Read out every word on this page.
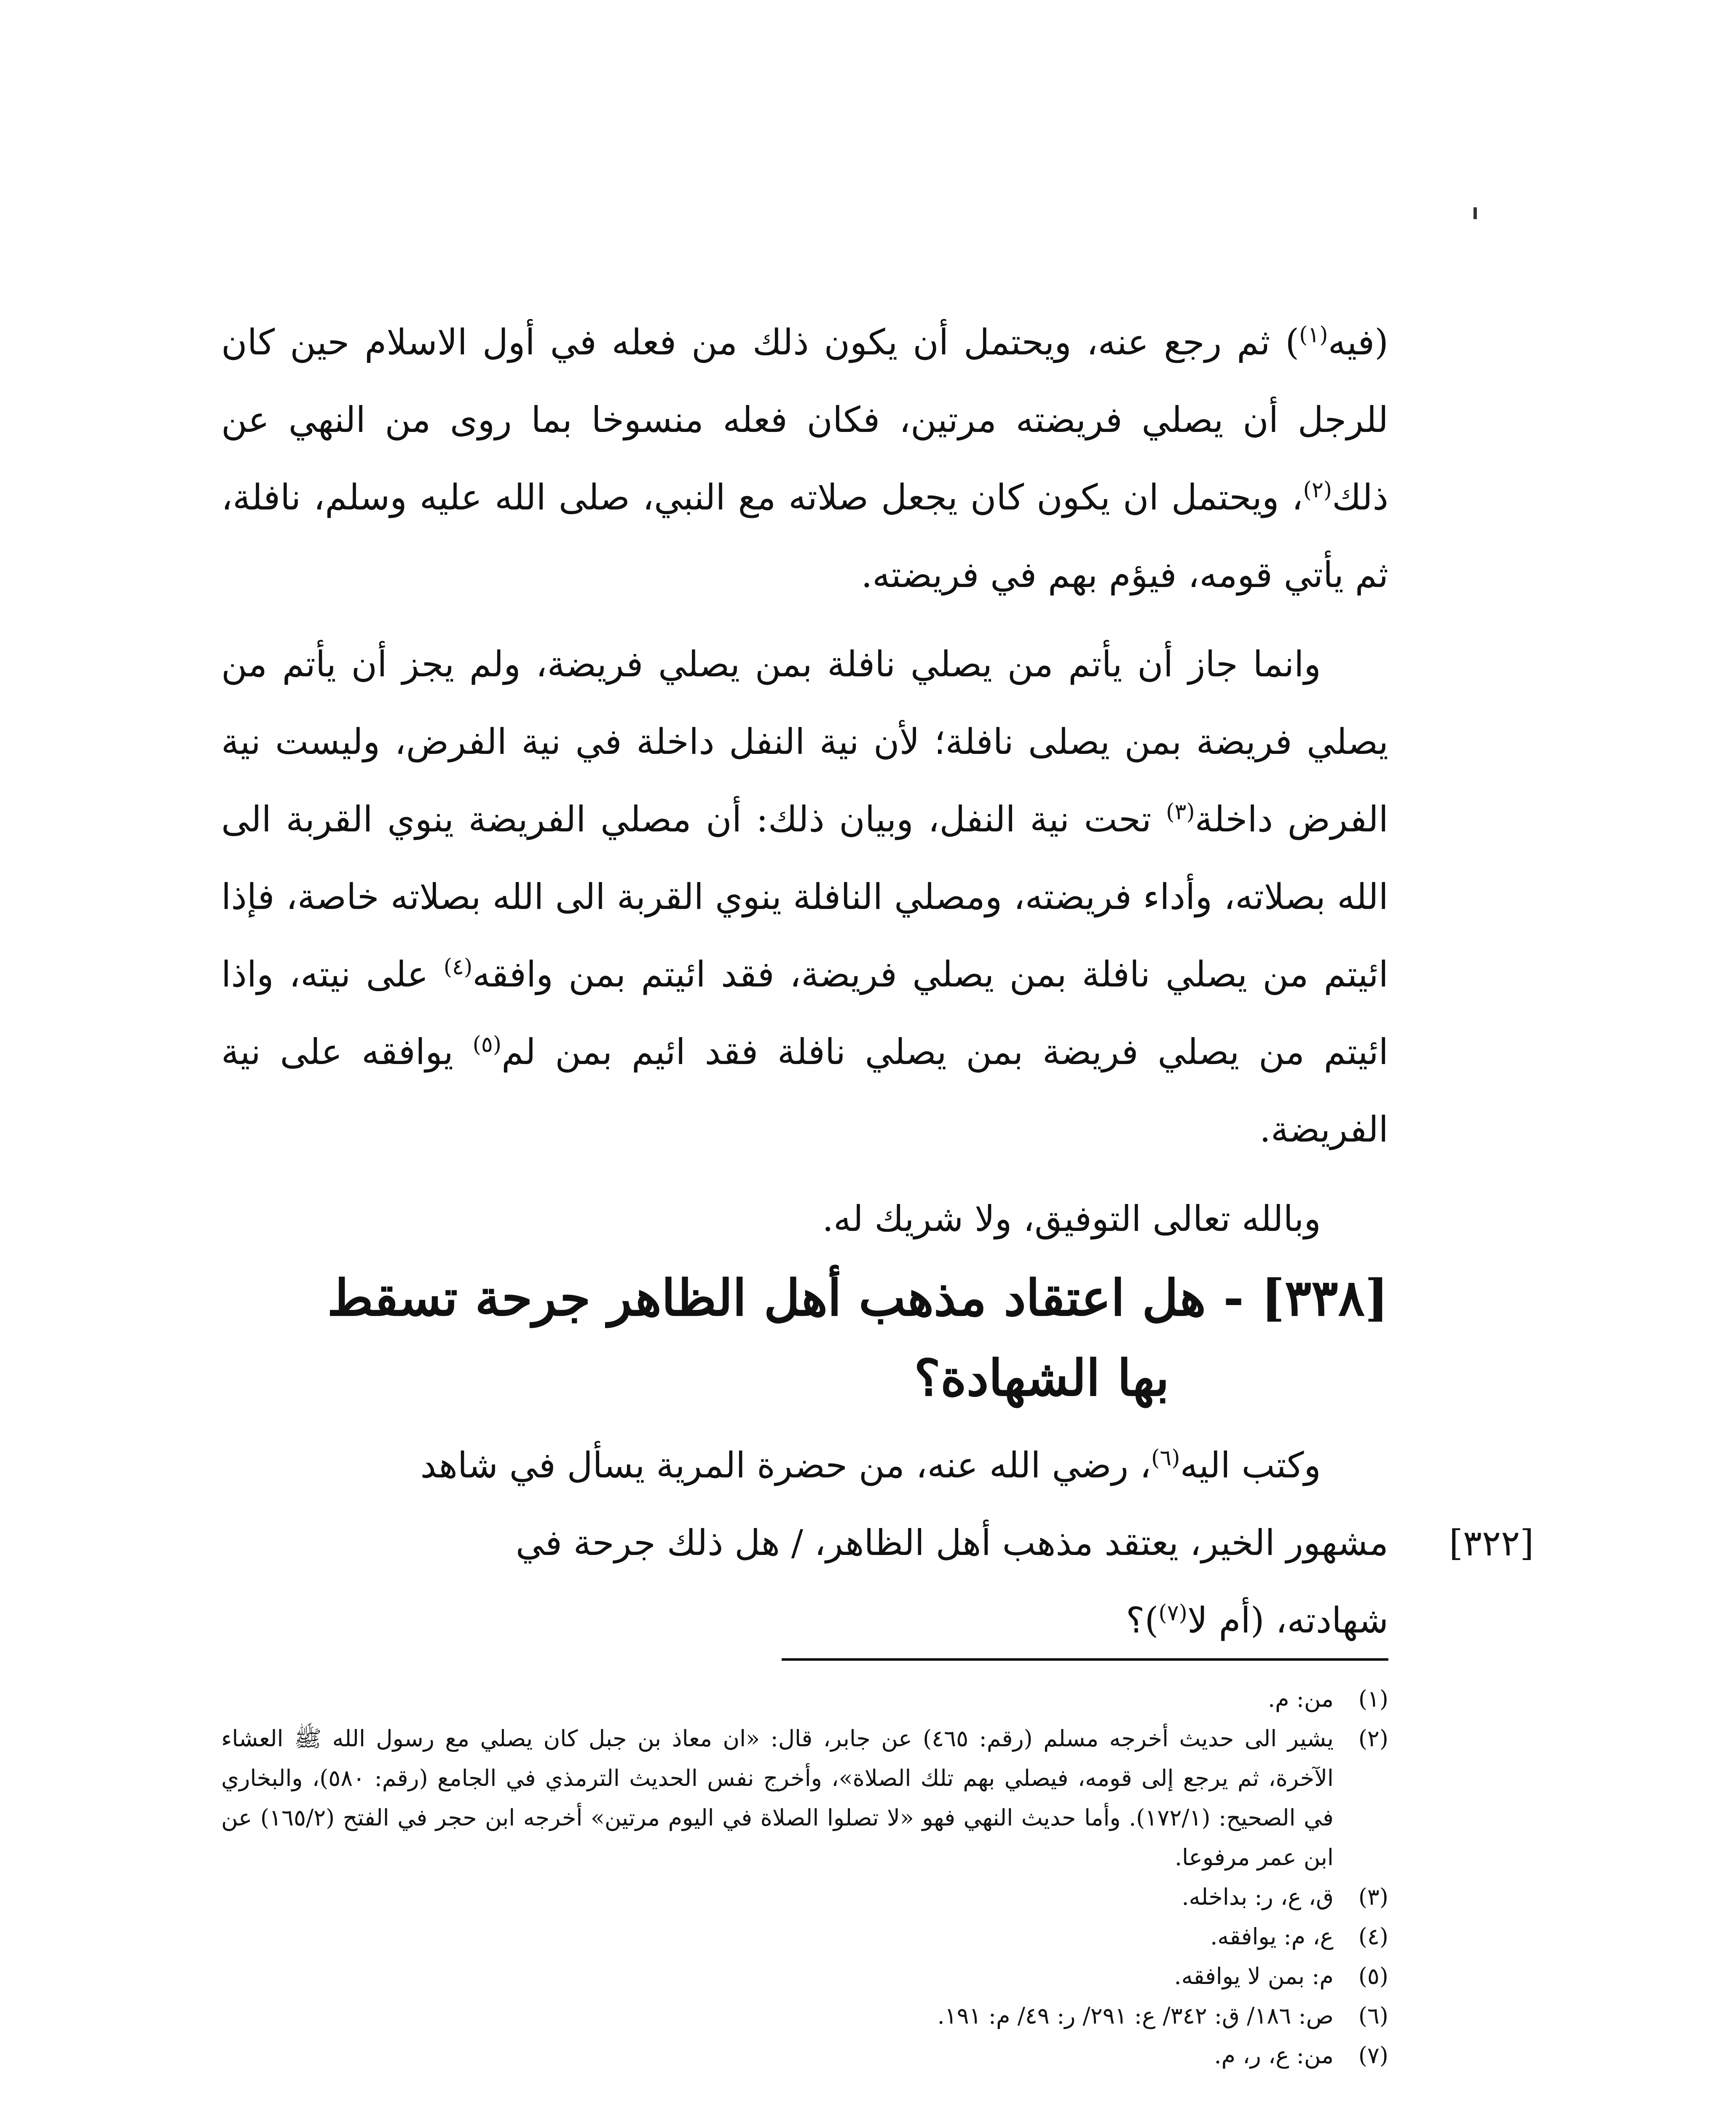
(فيه$^{(١)}$) ثم رجع عنه، ويحتمل أن يكون ذلك من فعله في أول الاسلام حين كان للرجل أن يصلي فريضته مرتين، فكان فعله منسوخا بما روى من النهي عن ذلك$^{(٢)}$، ويحتمل ان يكون كان يجعل صلاته مع النبي، صلى الله عليه وسلم، نافلة، ثم يأتي قومه، فيؤم بهم في فريضته.

وانما جاز أن يأتم من يصلي نافلة بمن يصلي فريضة، ولم يجز أن يأتم من يصلي فريضة بمن يصلى نافلة؛ لأن نية النفل داخلة في نية الفرض، وليست نية الفرض داخلة$^{(٣)}$ تحت نية النفل، وبيان ذلك: أن مصلي الفريضة ينوي القربة الى الله بصلاته، وأداء فريضته، ومصلي النافلة ينوي القربة الى الله بصلاته خاصة، فإذا ائيتم من يصلي نافلة بمن يصلي فريضة، فقد ائيتم بمن وافقه$^{(٤)}$ على نيته، واذا ائيتم من يصلي فريضة بمن يصلي نافلة فقد ائيم بمن لم$^{(٥)}$ يوافقه على نية الفريضة.

وبالله تعالى التوفيق، ولا شريك له.

[٣٣٨] - هل اعتقاد مذهب أهل الظاهر جرحة تسقط
بها الشهادة؟
وكتب اليه$^{(٦)}$، رضي الله عنه، من حضرة المرية يسأل في شاهد
مشهور الخير، يعتقد مذهب أهل الظاهر، / هل ذلك جرحة في
شهادته، (أم لا$^{(٧)}$)؟
[٣٢٢]
(١)
من: م.
(٢)
يشير الى حديث أخرجه مسلم (رقم: ٤٦٥) عن جابر، قال: «ان معاذ بن جبل كان يصلي مع رسول الله ﷺ العشاء الآخرة، ثم يرجع إلى قومه، فيصلي بهم تلك الصلاة»، وأخرج نفس الحديث الترمذي في الجامع (رقم: ٥٨٠)، والبخاري في الصحيح: (١٧٢/١). وأما حديث النهي فهو «لا تصلوا الصلاة في اليوم مرتين» أخرجه ابن حجر في الفتح (١٦٥/٢) عن ابن عمر مرفوعا.
(٣)
ق، ع، ر: بداخله.
(٤)
ع، م: يوافقه.
(٥)
م: بمن لا يوافقه.
(٦)
ص: ١٨٦/ ق: ٣٤٢/ ع: ٢٩١/ ر: ٤٩/ م: ١٩١.
(٧)
من: ع، ر، م.
